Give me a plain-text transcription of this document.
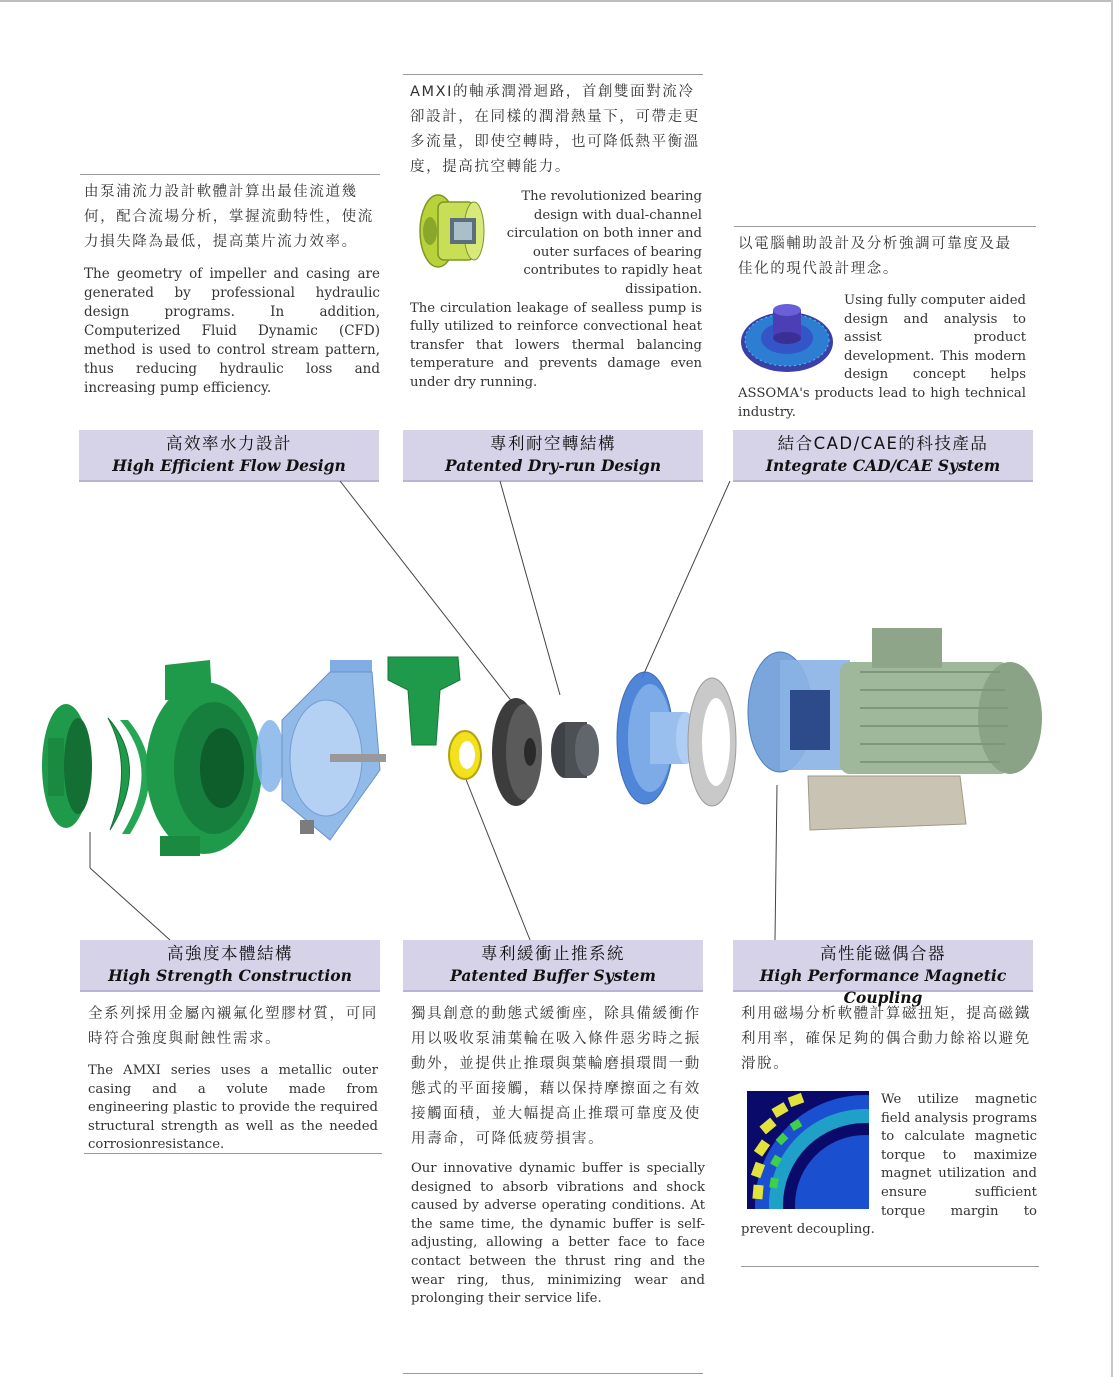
由泵浦流力設計軟體計算出最佳流道幾何，配合流場分析，掌握流動特性，使流力損失降為最低，提高葉片流力效率。

The geometry of impeller and casing are generated by professional hydraulic design programs. In addition, Computerized Fluid Dynamic (CFD) method is used to control stream pattern, thus reducing hydraulic loss and increasing pump efficiency.

高效率水力設計
High Efficient Flow Design

AMXI的軸承潤滑迴路，首創雙面對流冷卻設計，在同樣的潤滑熱量下，可帶走更多流量，即使空轉時，也可降低熱平衡溫度，提高抗空轉能力。

The revolutionized bearing design with dual-channel circulation on both inner and outer surfaces of bearing contributes to rapidly heat dissipation.

The circulation leakage of sealless pump is fully utilized to reinforce convectional heat transfer that lowers thermal balancing temperature and prevents damage even under dry running.

專利耐空轉結構
Patented Dry-run Design

以電腦輔助設計及分析強調可靠度及最佳化的現代設計理念。

Using fully computer aided design and analysis to assist product development. This modern design concept helps ASSOMA's products lead to high technical industry.

結合CAD/CAE的科技產品
Integrate CAD/CAE System
高強度本體結構
High Strength Construction

全系列採用金屬內襯氟化塑膠材質，可同時符合強度與耐蝕性需求。

The AMXI series uses a metallic outer casing and a volute made from engineering plastic to provide the required structural strength as well as the needed corrosionresistance.

專利緩衝止推系統
Patented Buffer System

獨具創意的動態式緩衝座，除具備緩衝作用以吸收泵浦葉輪在吸入條件惡劣時之振動外，並提供止推環與葉輪磨損環間一動態式的平面接觸，藉以保持摩擦面之有效接觸面積，並大幅提高止推環可靠度及使用壽命，可降低疲勞損害。

Our innovative dynamic buffer is specially designed to absorb vibrations and shock caused by adverse operating conditions. At the same time, the dynamic buffer is self-adjusting, allowing a better face to face contact between the thrust ring and the wear ring, thus, minimizing wear and prolonging their service life.

高性能磁偶合器
High Performance Magnetic Coupling

利用磁場分析軟體計算磁扭矩，提高磁鐵利用率，確保足夠的偶合動力餘裕以避免滑脫。

We utilize magnetic field analysis programs to calculate magnetic torque to maximize magnet utilization and ensure sufficient torque margin to prevent decoupling.
